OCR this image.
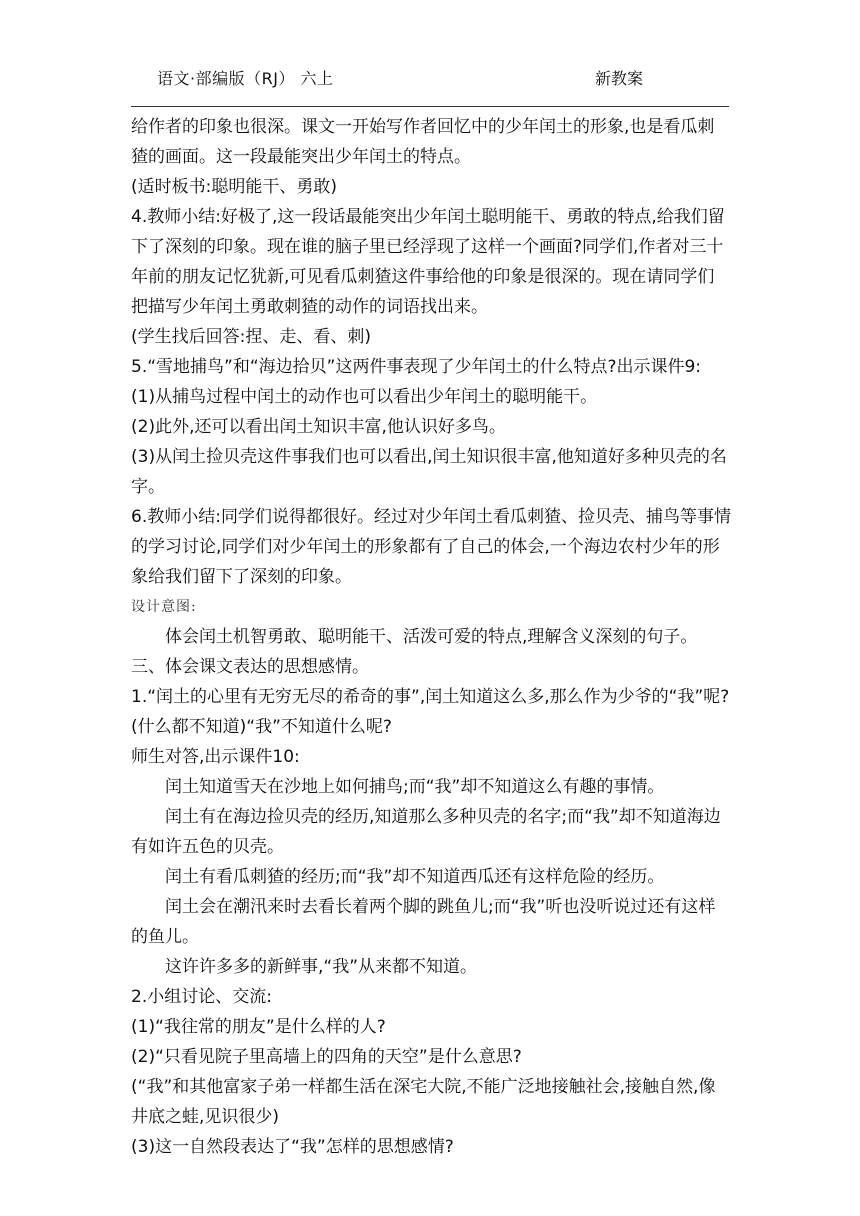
语文·部编版（RJ） 六上	新教案

给作者的印象也很深。课文一开始写作者回忆中的少年闰土的形象,也是看瓜刺猹的画面。这一段最能突出少年闰土的特点。

(适时板书:聪明能干、勇敢)

4.教师小结:好极了,这一段话最能突出少年闰土聪明能干、勇敢的特点,给我们留下了深刻的印象。现在谁的脑子里已经浮现了这样一个画面?同学们,作者对三十年前的朋友记忆犹新,可见看瓜刺猹这件事给他的印象是很深的。现在请同学们把描写少年闰土勇敢刺猹的动作的词语找出来。

(学生找后回答:捏、走、看、刺)

5.“雪地捕鸟”和“海边拾贝”这两件事表现了少年闰土的什么特点?出示课件9:

(1)从捕鸟过程中闰土的动作也可以看出少年闰土的聪明能干。

(2)此外,还可以看出闰土知识丰富,他认识好多鸟。

(3)从闰土捡贝壳这件事我们也可以看出,闰土知识很丰富,他知道好多种贝壳的名字。

6.教师小结:同学们说得都很好。经过对少年闰土看瓜刺猹、捡贝壳、捕鸟等事情的学习讨论,同学们对少年闰土的形象都有了自己的体会,一个海边农村少年的形象给我们留下了深刻的印象。

设计意图:

体会闰土机智勇敢、聪明能干、活泼可爱的特点,理解含义深刻的句子。

三、体会课文表达的思想感情。

1.“闰土的心里有无穷无尽的希奇的事”,闰土知道这么多,那么作为少爷的“我”呢?(什么都不知道)“我”不知道什么呢?

师生对答,出示课件10:

闰土知道雪天在沙地上如何捕鸟;而“我”却不知道这么有趣的事情。

闰土有在海边捡贝壳的经历,知道那么多种贝壳的名字;而“我”却不知道海边有如许五色的贝壳。

闰土有看瓜刺猹的经历;而“我”却不知道西瓜还有这样危险的经历。

闰土会在潮汛来时去看长着两个脚的跳鱼儿;而“我”听也没听说过还有这样的鱼儿。

这许许多多的新鲜事,“我”从来都不知道。

2.小组讨论、交流:

(1)“我往常的朋友”是什么样的人?

(2)“只看见院子里高墙上的四角的天空”是什么意思?

(“我”和其他富家子弟一样都生活在深宅大院,不能广泛地接触社会,接触自然,像井底之蛙,见识很少)

(3)这一自然段表达了“我”怎样的思想感情?
